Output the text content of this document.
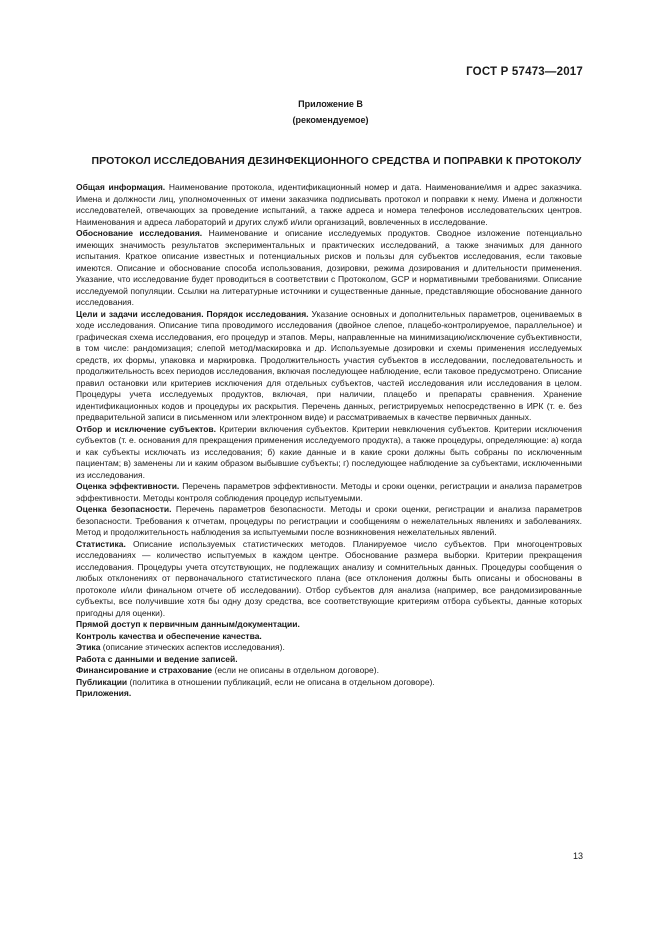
ГОСТ Р 57473—2017
Приложение В
(рекомендуемое)
ПРОТОКОЛ ИССЛЕДОВАНИЯ ДЕЗИНФЕКЦИОННОГО СРЕДСТВА И ПОПРАВКИ К ПРОТОКОЛУ

Общая информация. Наименование протокола, идентификационный номер и дата. Наименование/имя и адрес заказчика. Имена и должности лиц, уполномоченных от имени заказчика подписывать протокол и поправки к нему. Имена и должности исследователей, отвечающих за проведение испытаний, а также адреса и номера телефонов исследовательских центров. Наименования и адреса лабораторий и других служб и/или организаций, вовлеченных в исследование.

Обоснование исследования. Наименование и описание исследуемых продуктов. Сводное изложение потенциально имеющих значимость результатов экспериментальных и практических исследований, а также значимых для данного испытания. Краткое описание известных и потенциальных рисков и пользы для субъектов исследования, если таковые имеются. Описание и обоснование способа использования, дозировки, режима дозирования и длительности применения. Указание, что исследование будет проводиться в соответствии с Протоколом, GCP и нормативными требованиями. Описание исследуемой популяции. Ссылки на литературные источники и существенные данные, представляющие обоснование данного исследования.

Цели и задачи исследования. Порядок исследования. Указание основных и дополнительных параметров, оцениваемых в ходе исследования. Описание типа проводимого исследования (двойное слепое, плацебо-контролируемое, параллельное) и графическая схема исследования, его процедур и этапов. Меры, направленные на минимизацию/исключение субъективности, в том числе: рандомизация; слепой метод/маскировка и др. Используемые дозировки и схемы применения исследуемых средств, их формы, упаковка и маркировка. Продолжительность участия субъектов в исследовании, последовательность и продолжительность всех периодов исследования, включая последующее наблюдение, если таковое предусмотрено. Описание правил остановки или критериев исключения для отдельных субъектов, частей исследования или исследования в целом. Процедуры учета исследуемых продуктов, включая, при наличии, плацебо и препараты сравнения. Хранение идентификационных кодов и процедуры их раскрытия. Перечень данных, регистрируемых непосредственно в ИРК (т. е. без предварительной записи в письменном или электронном виде) и рассматриваемых в качестве первичных данных.

Отбор и исключение субъектов. Критерии включения субъектов. Критерии невключения субъектов. Критерии исключения субъектов (т. е. основания для прекращения применения исследуемого продукта), а также процедуры, определяющие: а) когда и как субъекты исключать из исследования; б) какие данные и в какие сроки должны быть собраны по исключенным пациентам; в) заменены ли и каким образом выбывшие субъекты; г) последующее наблюдение за субъектами, исключенными из исследования.

Оценка эффективности. Перечень параметров эффективности. Методы и сроки оценки, регистрации и анализа параметров эффективности. Методы контроля соблюдения процедур испытуемыми.

Оценка безопасности. Перечень параметров безопасности. Методы и сроки оценки, регистрации и анализа параметров безопасности. Требования к отчетам, процедуры по регистрации и сообщениям о нежелательных явлениях и заболеваниях. Метод и продолжительность наблюдения за испытуемыми после возникновения нежелательных явлений.

Статистика. Описание используемых статистических методов. Планируемое число субъектов. При многоцентровых исследованиях — количество испытуемых в каждом центре. Обоснование размера выборки. Критерии прекращения исследования. Процедуры учета отсутствующих, не подлежащих анализу и сомнительных данных. Процедуры сообщения о любых отклонениях от первоначального статистического плана (все отклонения должны быть описаны и обоснованы в протоколе и/или финальном отчете об исследовании). Отбор субъектов для анализа (например, все рандомизированные субъекты, все получившие хотя бы одну дозу средства, все соответствующие критериям отбора субъекты, данные которых пригодны для оценки).

Прямой доступ к первичным данным/документации.

Контроль качества и обеспечение качества.

Этика (описание этических аспектов исследования).

Работа с данными и ведение записей.

Финансирование и страхование (если не описаны в отдельном договоре).

Публикации (политика в отношении публикаций, если не описана в отдельном договоре).

Приложения.

13
